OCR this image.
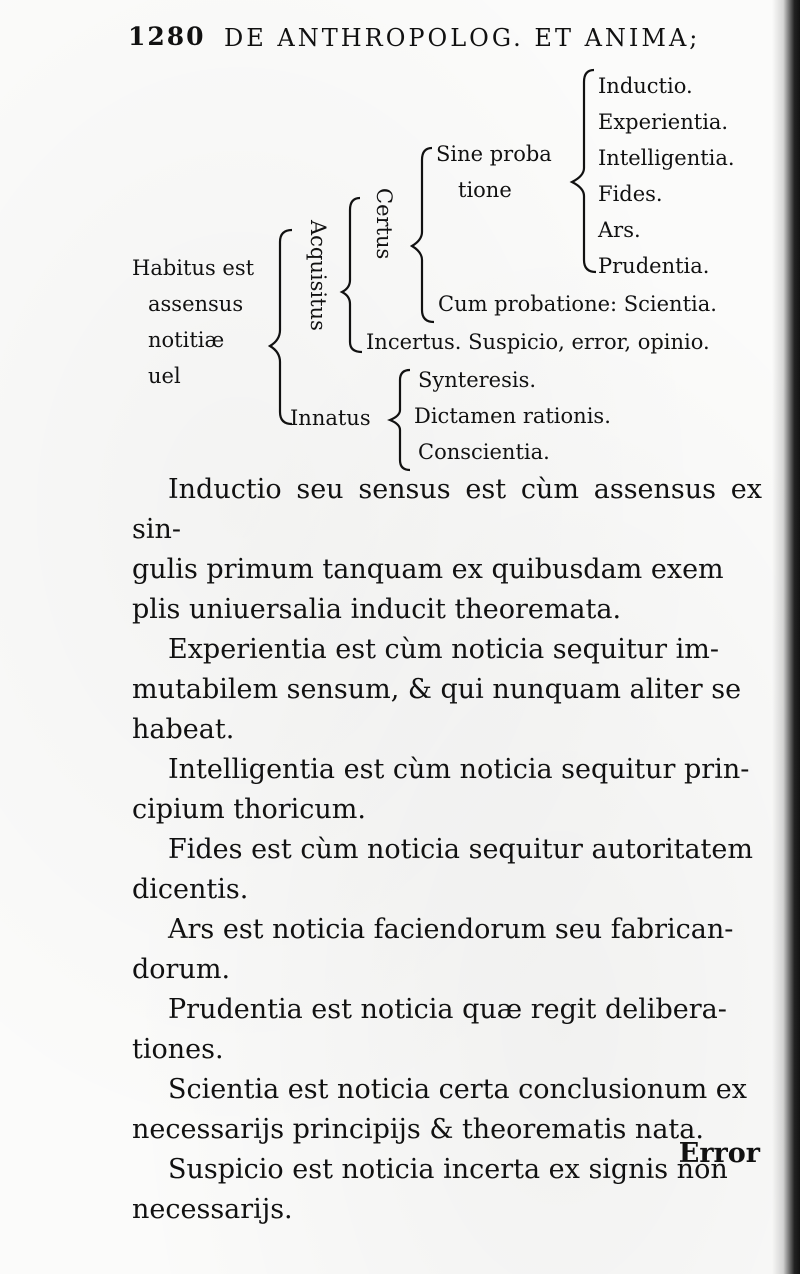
1280 DE ANTHROPOLOG. ET ANIMA;
Habitus est
assensus
notitiæ
uel
Acquisitus Certus
Sine proba
tione
Inductio.
Experientia.
Intelligentia.
Fides.
Ars.
Prudentia.
Cum probatione: Scientia.
Incertus. Suspicio, error, opinio.
Innatus
Synteresis.
Dictamen rationis.
Conscientia.

Inductio seu sensus est cùm assensus ex sin-
gulis primum tanquam ex quibusdam exem
plis uniuersalia inducit theoremata.

Experientia est cùm noticia sequitur im-
mutabilem sensum, & qui nunquam aliter se
habeat.

Intelligentia est cùm noticia sequitur prin-
cipium thoricum.

Fides est cùm noticia sequitur autoritatem
dicentis.

Ars est noticia faciendorum seu fabrican-
dorum.

Prudentia est noticia quæ regit delibera-
tiones.

Scientia est noticia certa conclusionum ex
necessarijs principijs & theorematis nata.

Suspicio est noticia incerta ex signis non
necessarijs.

Error
